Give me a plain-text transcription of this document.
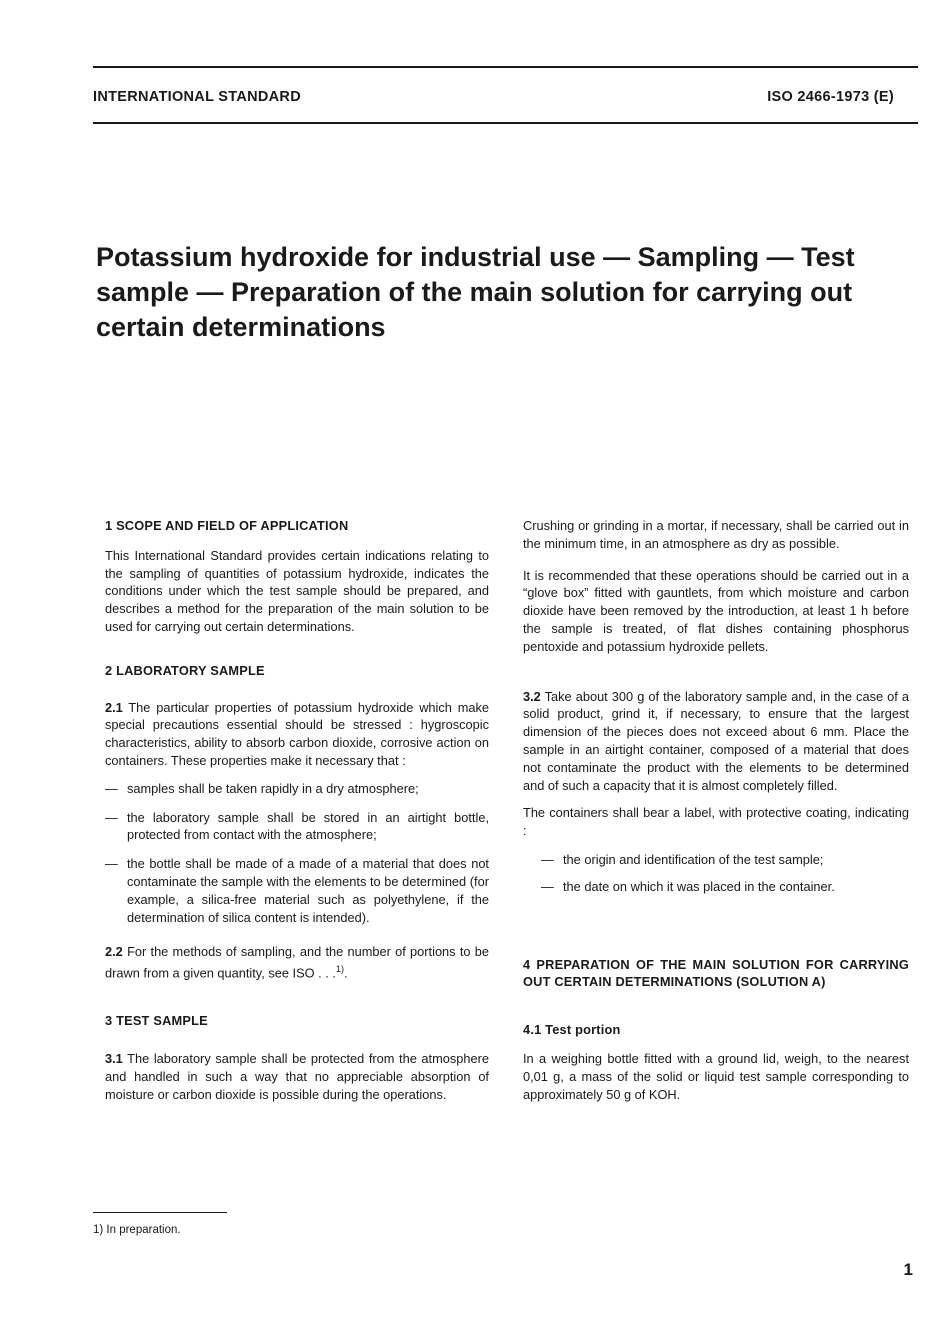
INTERNATIONAL STANDARD	ISO 2466-1973 (E)
Potassium hydroxide for industrial use — Sampling — Test
sample — Preparation of the main solution for carrying out
certain determinations

1 SCOPE AND FIELD OF APPLICATION

This International Standard provides certain indications relating to the sampling of quantities of potassium hydroxide, indicates the conditions under which the test sample should be prepared, and describes a method for the preparation of the main solution to be used for carrying out certain determinations.

2 LABORATORY SAMPLE

2.1 The particular properties of potassium hydroxide which make special precautions essential should be stressed : hygroscopic characteristics, ability to absorb carbon dioxide, corrosive action on containers. These properties make it necessary that :

— samples shall be taken rapidly in a dry atmosphere;
— the laboratory sample shall be stored in an airtight bottle, protected from contact with the atmosphere;
— the bottle shall be made of a made of a material that does not contaminate the sample with the elements to be determined (for example, a silica-free material such as polyethylene, if the determination of silica content is intended).

2.2 For the methods of sampling, and the number of portions to be drawn from a given quantity, see ISO . . .$^{1)}$.

3 TEST SAMPLE

3.1 The laboratory sample shall be protected from the atmosphere and handled in such a way that no appreciable absorption of moisture or carbon dioxide is possible during the operations.

Crushing or grinding in a mortar, if necessary, shall be carried out in the minimum time, in an atmosphere as dry as possible.

It is recommended that these operations should be carried out in a “glove box” fitted with gauntlets, from which moisture and carbon dioxide have been removed by the introduction, at least 1 h before the sample is treated, of flat dishes containing phosphorus pentoxide and potassium hydroxide pellets.

3.2 Take about 300 g of the laboratory sample and, in the case of a solid product, grind it, if necessary, to ensure that the largest dimension of the pieces does not exceed about 6 mm. Place the sample in an airtight container, composed of a material that does not contaminate the product with the elements to be determined and of such a capacity that it is almost completely filled.

The containers shall bear a label, with protective coating, indicating :

— the origin and identification of the test sample;
— the date on which it was placed in the container.

4 PREPARATION OF THE MAIN SOLUTION FOR CARRYING OUT CERTAIN DETERMINATIONS (SOLUTION A)

4.1 Test portion

In a weighing bottle fitted with a ground lid, weigh, to the nearest 0,01 g, a mass of the solid or liquid test sample corresponding to approximately 50 g of KOH.

1) In preparation.
1
